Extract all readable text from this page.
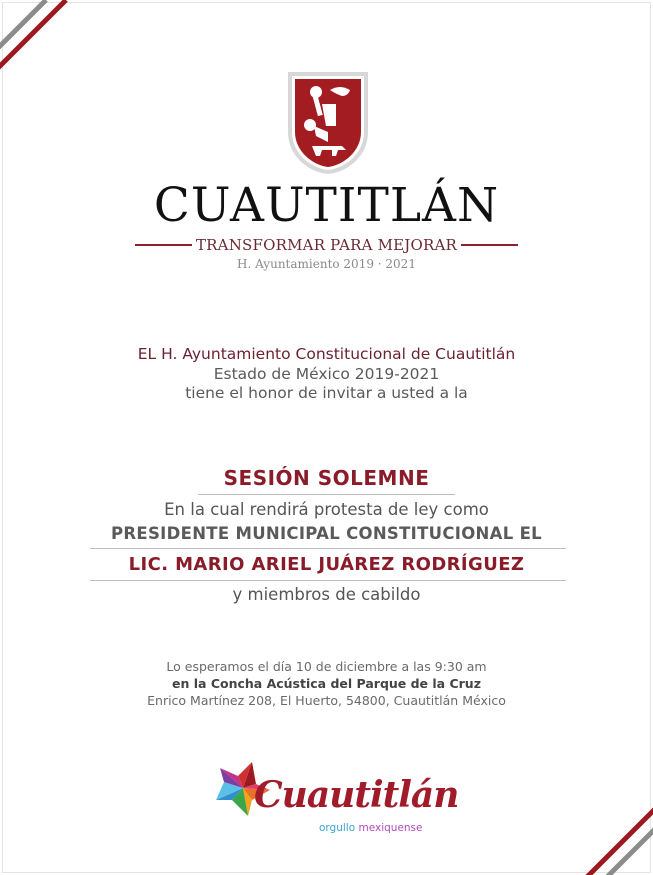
CUAUTITLÁN
TRANSFORMAR PARA MEJORAR
H. Ayuntamiento 2019 · 2021
EL H. Ayuntamiento Constitucional de Cuautitlán
Estado de México 2019-2021
tiene el honor de invitar a usted a la
SESIÓN SOLEMNE
En la cual rendirá protesta de ley como
PRESIDENTE MUNICIPAL CONSTITUCIONAL EL
LIC. MARIO ARIEL JUÁREZ RODRÍGUEZ
y miembros de cabildo
Lo esperamos el día 10 de diciembre a las 9:30 am
en la Concha Acústica del Parque de la Cruz
Enrico Martínez 208, El Huerto, 54800, Cuautitlán México
Cuautitlán
orgullo mexiquense
